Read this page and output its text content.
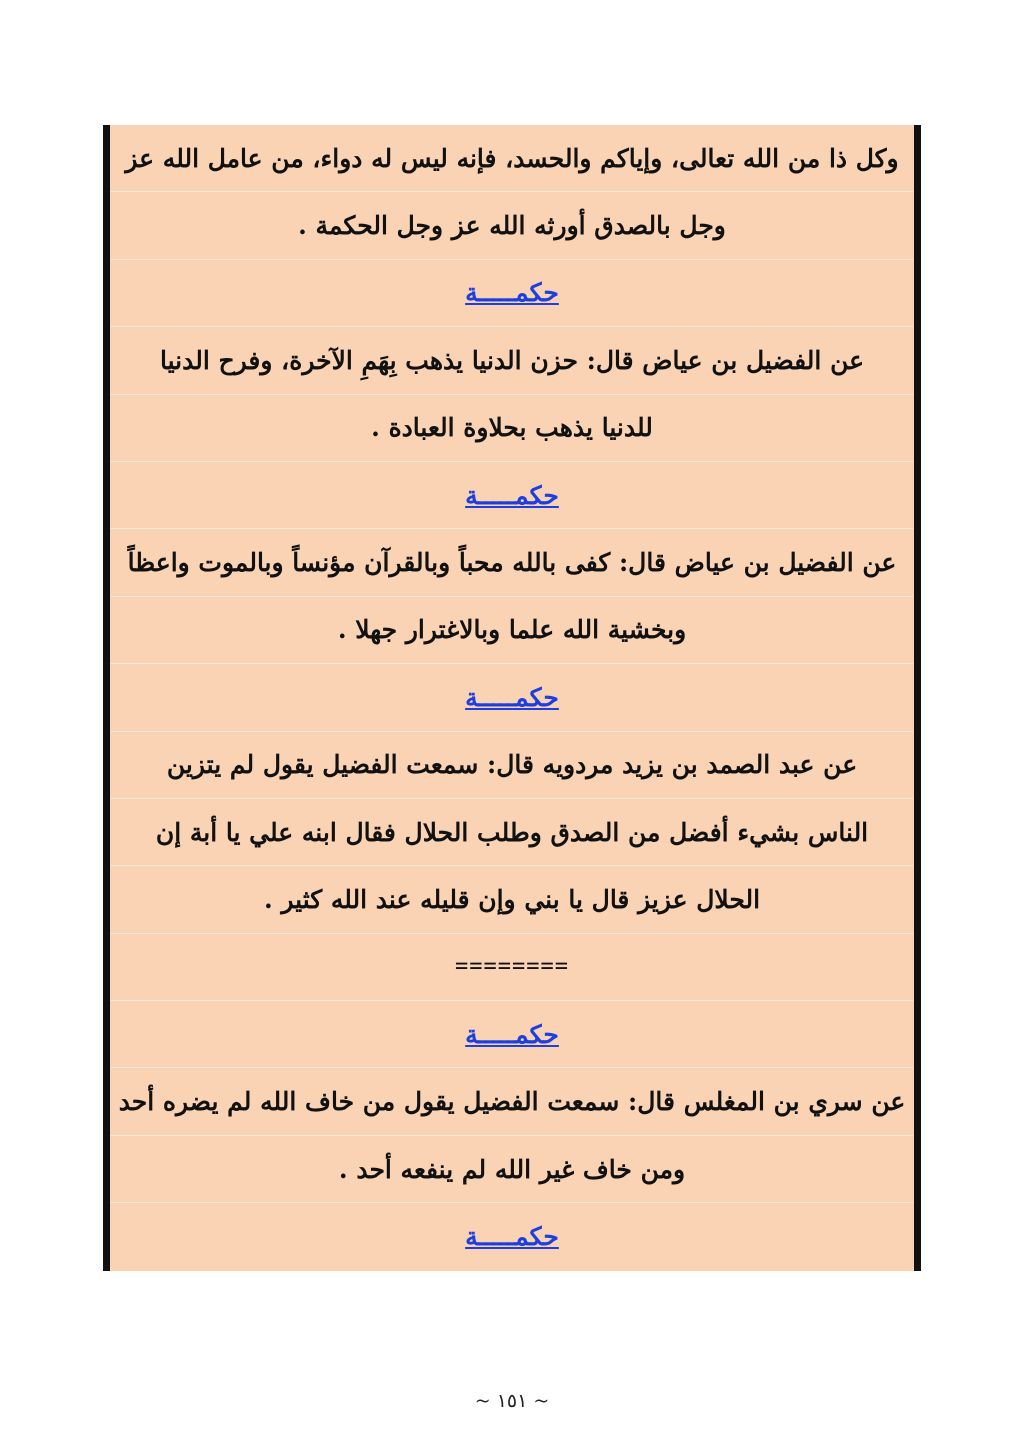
وكل ذا من الله تعالى، وإياكم والحسد، فإنه ليس له دواء، من عامل الله عز
وجل بالصدق أورثه الله عز وجل الحكمة .
حكمـــــة
عن الفضيل بن عياض قال: حزن الدنيا يذهب بِهَمِ الآخرة، وفرح الدنيا
للدنيا يذهب بحلاوة العبادة .
حكمـــــة
عن الفضيل بن عياض قال: كفى بالله محباً وبالقرآن مؤنساً وبالموت واعظاً
وبخشية الله علما وبالاغترار جهلا .
حكمـــــة
عن عبد الصمد بن يزيد مردويه قال: سمعت الفضيل يقول لم يتزين
الناس بشيء أفضل من الصدق وطلب الحلال فقال ابنه علي يا أبة إن
الحلال عزيز قال يا بني وإن قليله عند الله كثير .
========
حكمـــــة
عن سري بن المغلس قال: سمعت الفضيل يقول من خاف الله لم يضره أحد
ومن خاف غير الله لم ينفعه أحد .
حكمـــــة
~ ١٥١ ~
